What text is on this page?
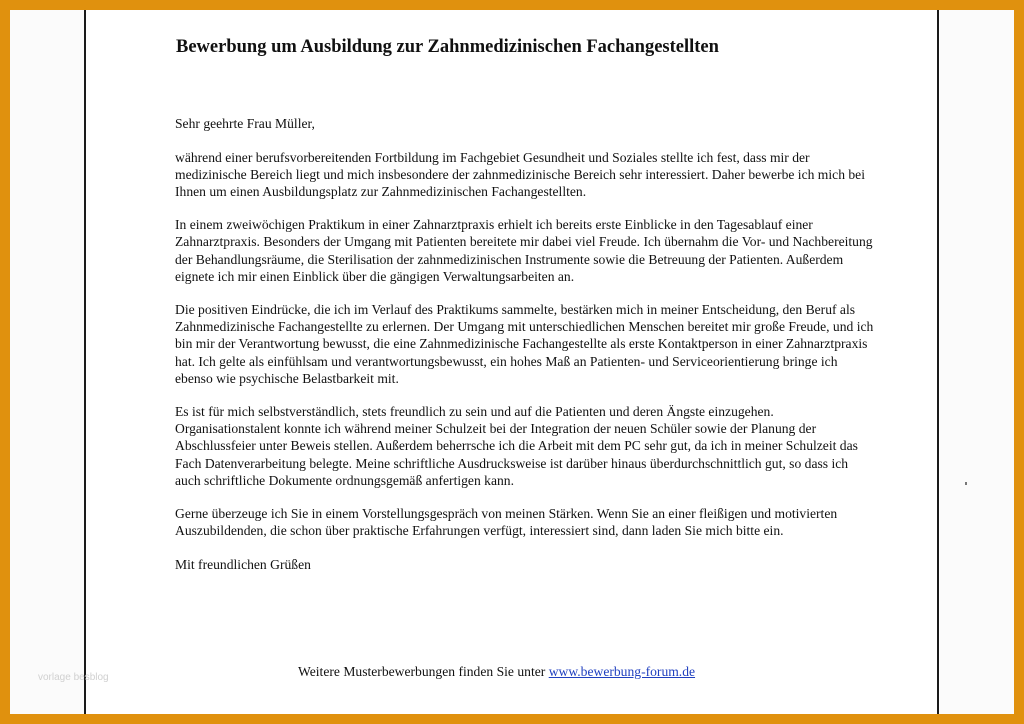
Bewerbung um Ausbildung zur Zahnmedizinischen Fachangestellten

Sehr geehrte Frau Müller,

während einer berufsvorbereitenden Fortbildung im Fachgebiet Gesundheit und Soziales stellte ich fest, dass mir der medizinische Bereich liegt und mich insbesondere der zahnmedizinische Bereich sehr interessiert. Daher bewerbe ich mich bei Ihnen um einen Ausbildungsplatz zur Zahnmedizinischen Fachangestellten.

In einem zweiwöchigen Praktikum in einer Zahnarztpraxis erhielt ich bereits erste Einblicke in den Tagesablauf einer Zahnarztpraxis. Besonders der Umgang mit Patienten bereitete mir dabei viel Freude. Ich übernahm die Vor- und Nachbereitung der Behandlungsräume, die Sterilisation der zahnmedizinischen Instrumente sowie die Betreuung der Patienten. Außerdem eignete ich mir einen Einblick über die gängigen Verwaltungsarbeiten an.

Die positiven Eindrücke, die ich im Verlauf des Praktikums sammelte, bestärken mich in meiner Entscheidung, den Beruf als Zahnmedizinische Fachangestellte zu erlernen. Der Umgang mit unterschiedlichen Menschen bereitet mir große Freude, und ich bin mir der Verantwortung bewusst, die eine Zahnmedizinische Fachangestellte als erste Kontaktperson in einer Zahnarztpraxis hat. Ich gelte als einfühlsam und verantwortungsbewusst, ein hohes Maß an Patienten- und Serviceorientierung bringe ich ebenso wie psychische Belastbarkeit mit.

Es ist für mich selbstverständlich, stets freundlich zu sein und auf die Patienten und deren Ängste einzugehen. Organisationstalent konnte ich während meiner Schulzeit bei der Integration der neuen Schüler sowie der Planung der Abschlussfeier unter Beweis stellen. Außerdem beherrsche ich die Arbeit mit dem PC sehr gut, da ich in meiner Schulzeit das Fach Datenverarbeitung belegte. Meine schriftliche Ausdrucksweise ist darüber hinaus überdurchschnittlich gut, so dass ich auch schriftliche Dokumente ordnungsgemäß anfertigen kann.

Gerne überzeuge ich Sie in einem Vorstellungsgespräch von meinen Stärken. Wenn Sie an einer fleißigen und motivierten Auszubildenden, die schon über praktische Erfahrungen verfügt, interessiert sind, dann laden Sie mich bitte ein.

Mit freundlichen Grüßen

Weitere Musterbewerbungen finden Sie unter www.bewerbung-forum.de
vorlage besblog
